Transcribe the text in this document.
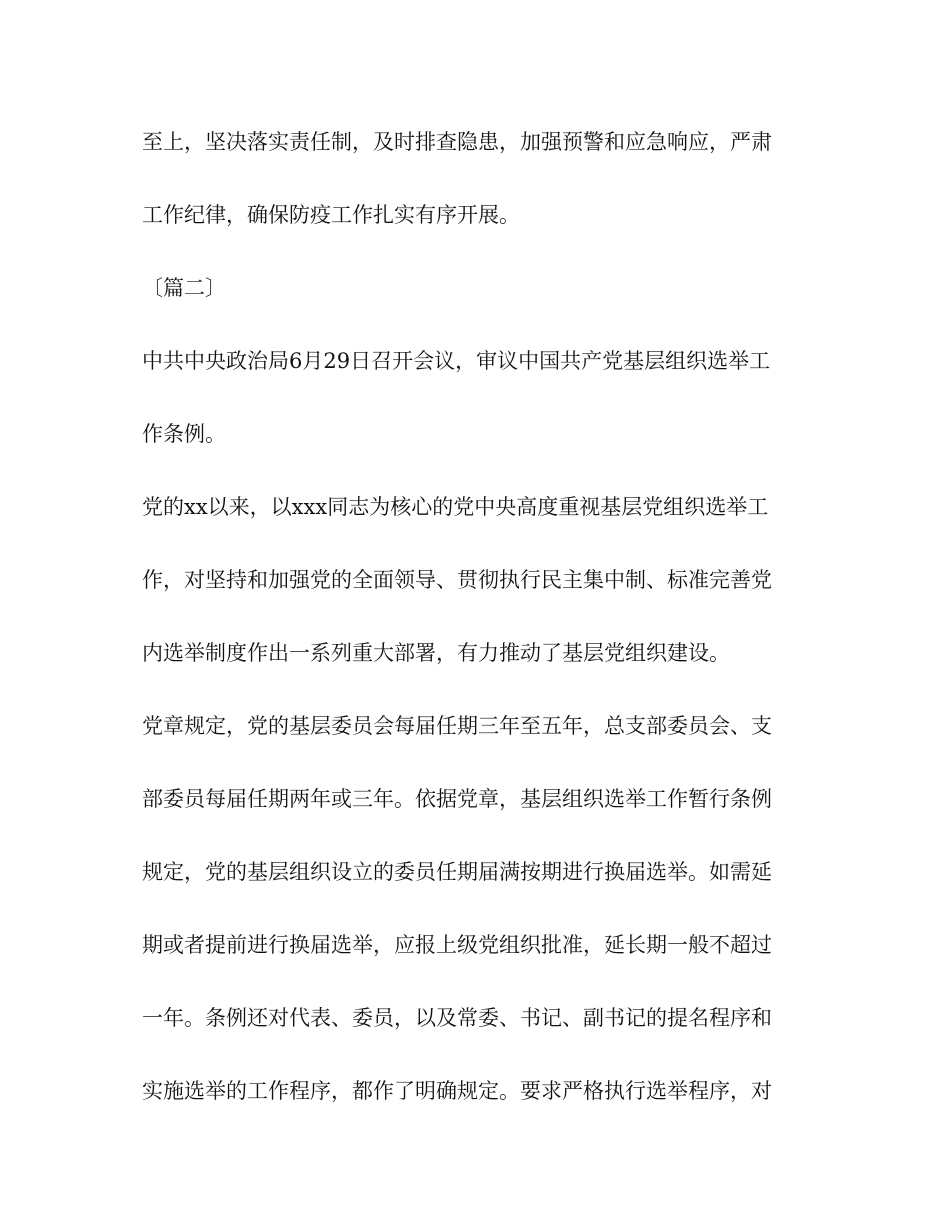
至上，坚决落实责任制，及时排查隐患，加强预警和应急响应，严肃
工作纪律，确保防疫工作扎实有序开展。
〔篇二〕
中共中央政治局6月29日召开会议，审议中国共产党基层组织选举工
作条例。
党的xx以来，以xxx同志为核心的党中央高度重视基层党组织选举工
作，对坚持和加强党的全面领导、贯彻执行民主集中制、标准完善党
内选举制度作出一系列重大部署，有力推动了基层党组织建设。
党章规定，党的基层委员会每届任期三年至五年，总支部委员会、支
部委员每届任期两年或三年。依据党章，基层组织选举工作暂行条例
规定，党的基层组织设立的委员任期届满按期进行换届选举。如需延
期或者提前进行换届选举，应报上级党组织批准，延长期一般不超过
一年。条例还对代表、委员，以及常委、书记、副书记的提名程序和
实施选举的工作程序，都作了明确规定。要求严格执行选举程序，对
